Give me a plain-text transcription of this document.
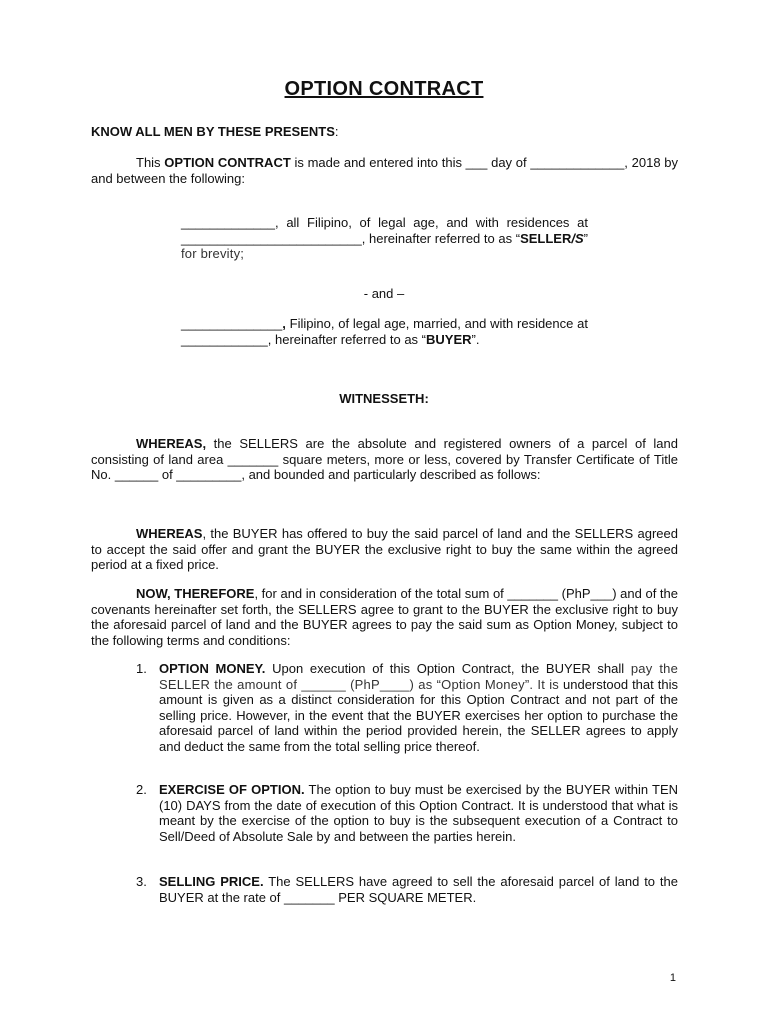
OPTION CONTRACT

KNOW ALL MEN BY THESE PRESENTS:

This OPTION CONTRACT is made and entered into this ___ day of _____________, 2018 by and between the following:

_____________, all Filipino, of legal age, and with residences at _________________________, hereinafter referred to as “SELLER/S” for brevity;

- and –

______________, Filipino, of legal age, married, and with residence at ____________, hereinafter referred to as “BUYER”.

WITNESSETH:

WHEREAS, the SELLERS are the absolute and registered owners of a parcel of land consisting of land area _______ square meters, more or less, covered by Transfer Certificate of Title No. ______ of _________, and bounded and particularly described as follows:

WHEREAS, the BUYER has offered to buy the said parcel of land and the SELLERS agreed to accept the said offer and grant the BUYER the exclusive right to buy the same within the agreed period at a fixed price.

NOW, THEREFORE, for and in consideration of the total sum of _______ (PhP___) and of the covenants hereinafter set forth, the SELLERS agree to grant to the BUYER the exclusive right to buy the aforesaid parcel of land and the BUYER agrees to pay the said sum as Option Money, subject to the following terms and conditions:

1. OPTION MONEY. Upon execution of this Option Contract, the BUYER shall pay the SELLER the amount of ______ (PhP____) as “Option Money”. It is understood that this amount is given as a distinct consideration for this Option Contract and not part of the selling price. However, in the event that the BUYER exercises her option to purchase the aforesaid parcel of land within the period provided herein, the SELLER agrees to apply and deduct the same from the total selling price thereof.

2. EXERCISE OF OPTION. The option to buy must be exercised by the BUYER within TEN (10) DAYS from the date of execution of this Option Contract. It is understood that what is meant by the exercise of the option to buy is the subsequent execution of a Contract to Sell/Deed of Absolute Sale by and between the parties herein.

3. SELLING PRICE. The SELLERS have agreed to sell the aforesaid parcel of land to the BUYER at the rate of _______ PER SQUARE METER.

1
